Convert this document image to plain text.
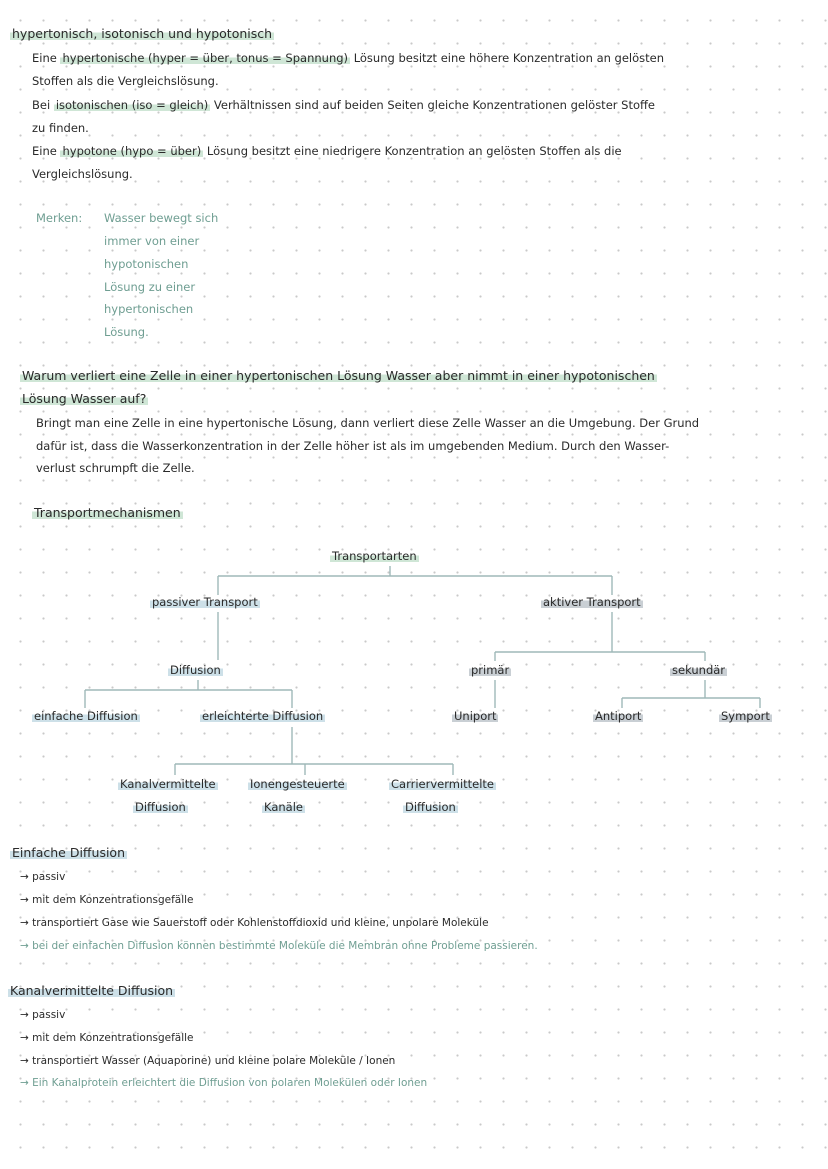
hypertonisch, isotonisch und hypotonisch
Eine hypertonische (hyper = über, tonus = Spannung) Lösung besitzt eine höhere Konzentration an gelösten
Stoffen als die Vergleichslösung.
Bei isotonischen (iso = gleich) Verhältnissen sind auf beiden Seiten gleiche Konzentrationen gelöster Stoffe
zu finden.
Eine hypotone (hypo = über) Lösung besitzt eine niedrigere Konzentration an gelösten Stoffen als die
Vergleichslösung.
Merken: Wasser bewegt sich
immer von einer
hypotonischen
Lösung zu einer
hypertonischen
Lösung.
Warum verliert eine Zelle in einer hypertonischen Lösung Wasser aber nimmt in einer hypotonischen
Lösung Wasser auf?
Bringt man eine Zelle in eine hypertonische Lösung, dann verliert diese Zelle Wasser an die Umgebung. Der Grund
dafür ist, dass die Wasserkonzentration in der Zelle höher ist als im umgebenden Medium. Durch den Wasser-
verlust schrumpft die Zelle.
Transportmechanismen
Transportarten
passiver Transport	aktiver Transport
Diffusion	primär	sekundär
einfache Diffusion	erleichterte Diffusion	Uniport	Antiport	Symport
Kanalvermittelte
Diffusion
Ionengesteuerte
Kanäle
Carriervermittelte
Diffusion
Einfache Diffusion
→ passiv
→ mit dem Konzentrationsgefälle
→ transportiert Gase wie Sauerstoff oder Kohlenstoffdioxid und kleine, unpolare Moleküle
→ bei der einfachen Diffusion können bestimmte Moleküle die Membran ohne Probleme passieren.
Kanalvermittelte Diffusion
→ passiv
→ mit dem Konzentrationsgefälle
→ transportiert Wasser (Aquaporine) und kleine polare Moleküle / Ionen
→ Ein Kanalprotein erleichtert die Diffusion von polaren Molekülen oder Ionen
